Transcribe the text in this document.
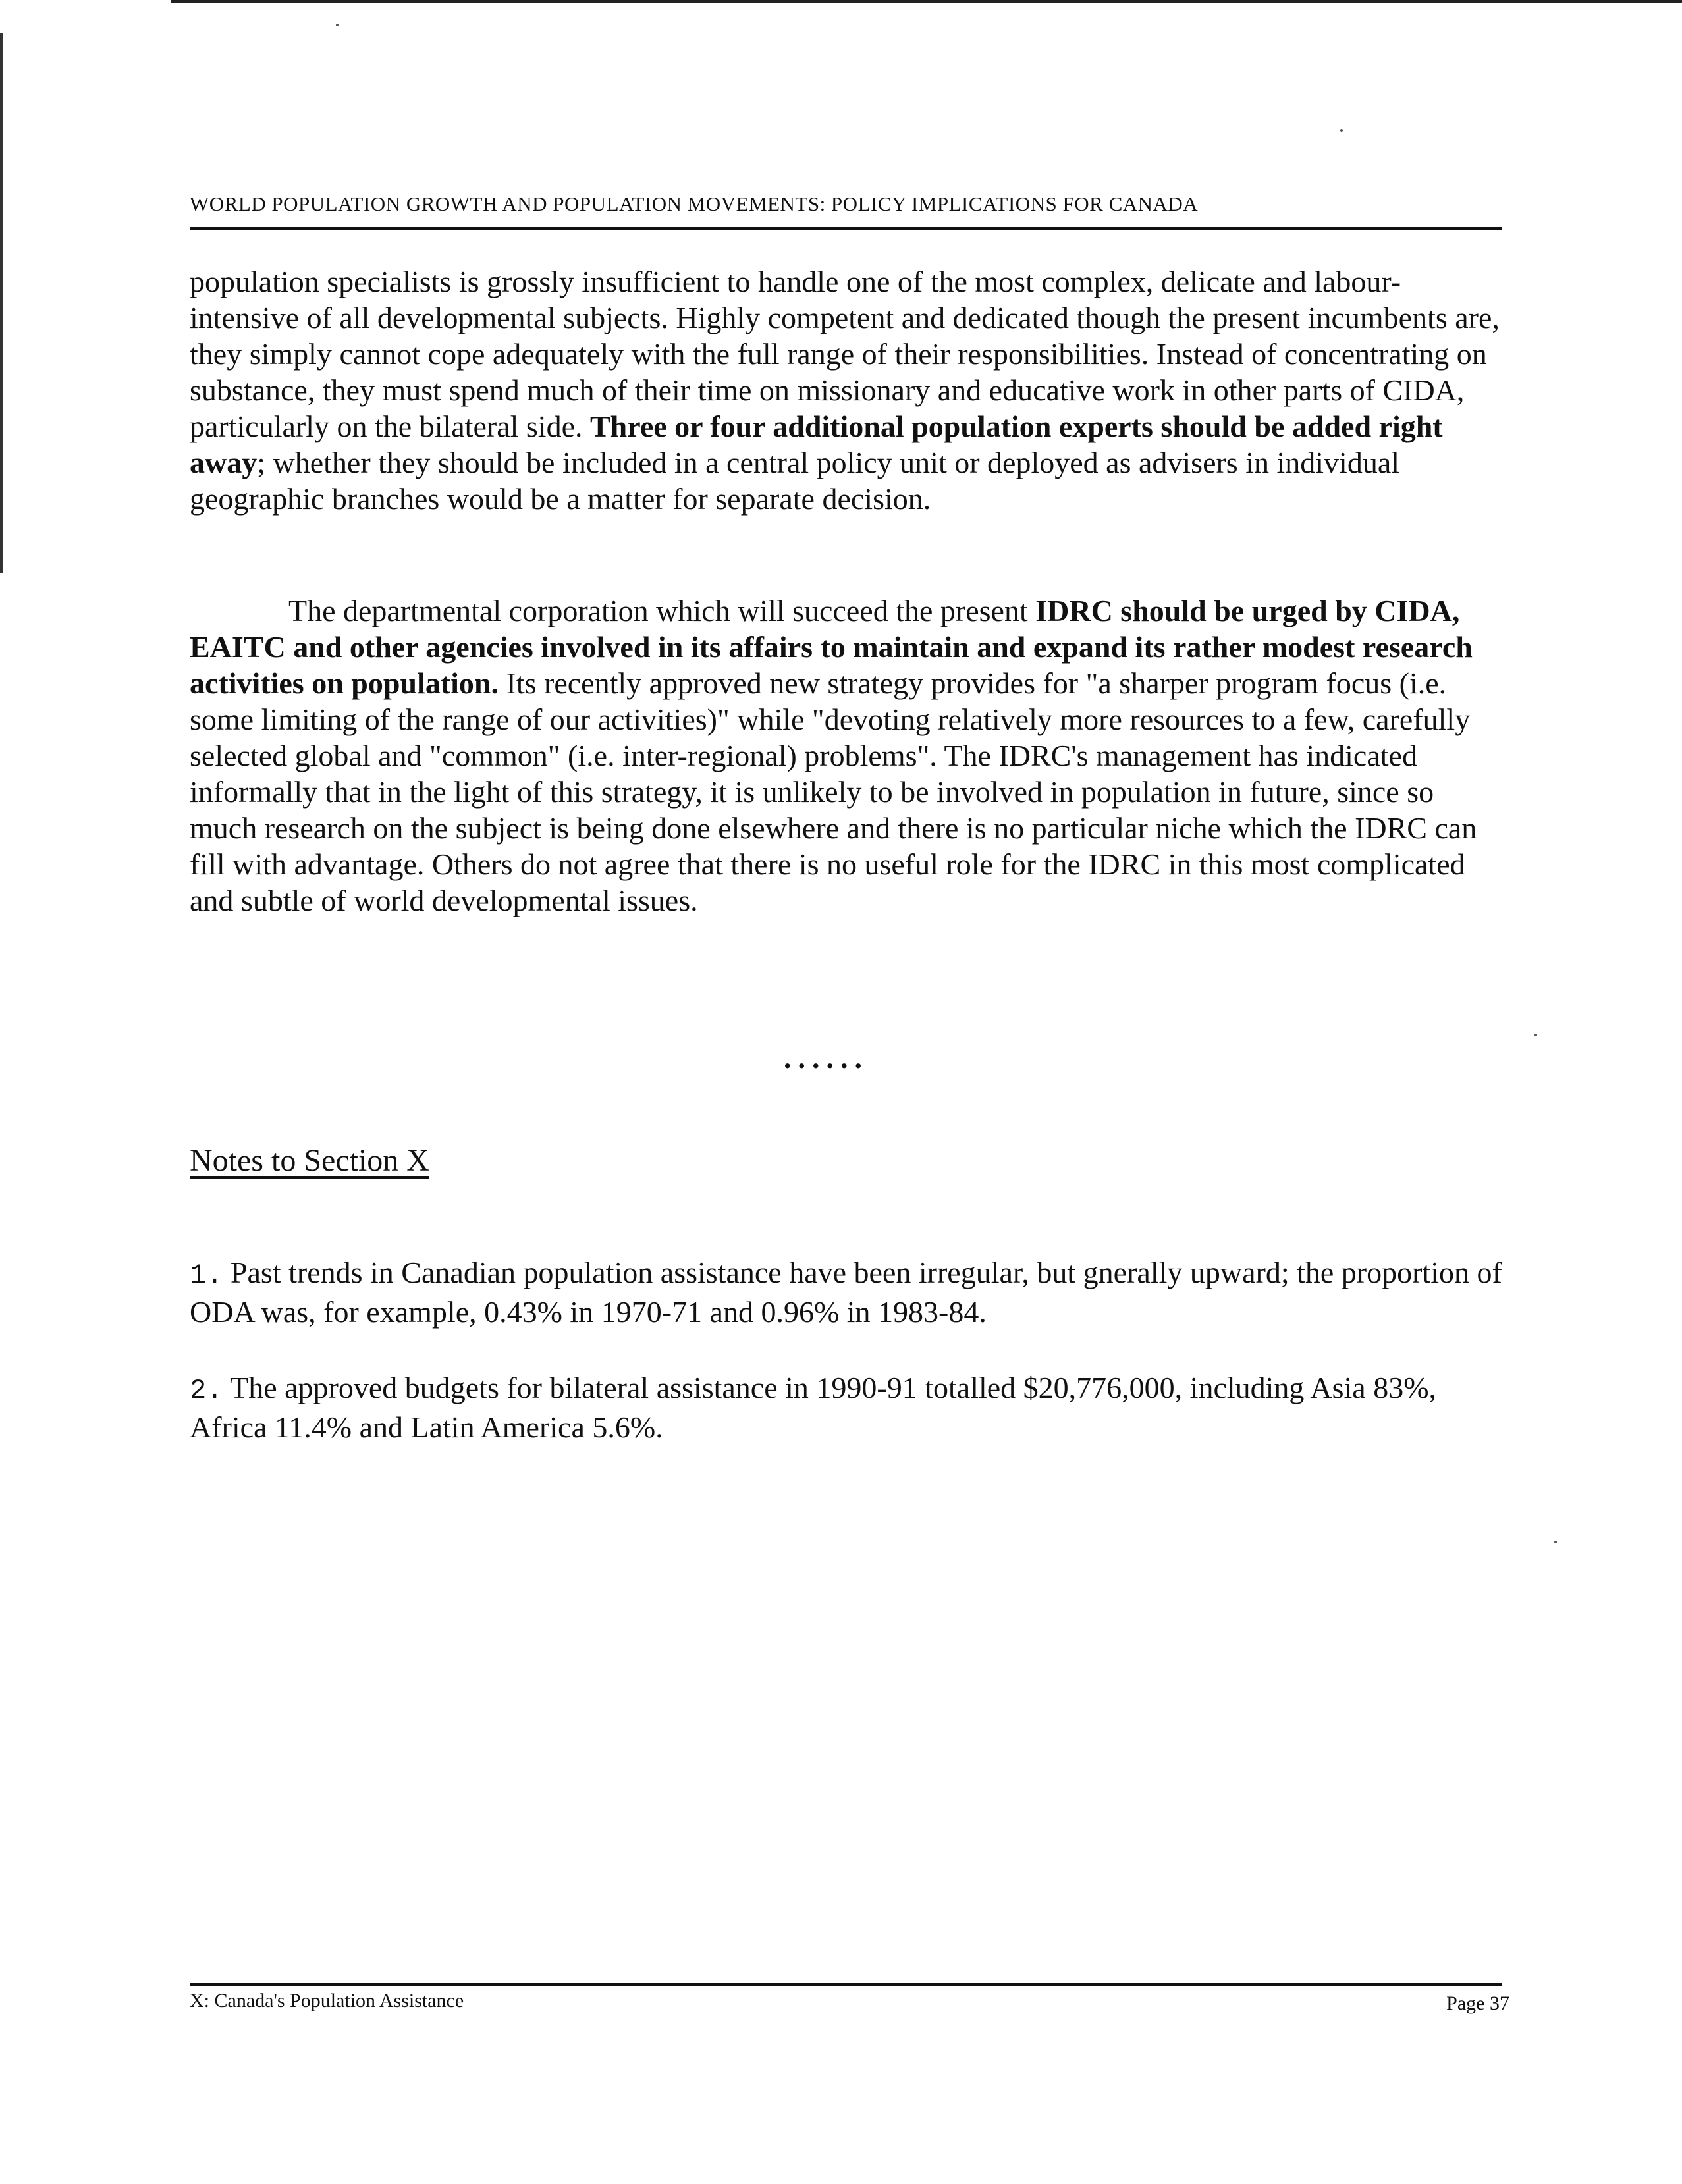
WORLD POPULATION GROWTH AND POPULATION MOVEMENTS: POLICY IMPLICATIONS FOR CANADA

population specialists is grossly insufficient to handle one of the most complex, delicate and labour-intensive of all developmental subjects. Highly competent and dedicated though the present incumbents are, they simply cannot cope adequately with the full range of their responsibilities. Instead of concentrating on substance, they must spend much of their time on missionary and educative work in other parts of CIDA, particularly on the bilateral side. Three or four additional population experts should be added right away; whether they should be included in a central policy unit or deployed as advisers in individual geographic branches would be a matter for separate decision.

The departmental corporation which will succeed the present IDRC should be urged by CIDA, EAITC and other agencies involved in its affairs to maintain and expand its rather modest research activities on population. Its recently approved new strategy provides for "a sharper program focus (i.e. some limiting of the range of our activities)" while "devoting relatively more resources to a few, carefully selected global and "common" (i.e. inter-regional) problems". The IDRC's management has indicated informally that in the light of this strategy, it is unlikely to be involved in population in future, since so much research on the subject is being done elsewhere and there is no particular niche which the IDRC can fill with advantage. Others do not agree that there is no useful role for the IDRC in this most complicated and subtle of world developmental issues.

......
Notes to Section X
1. Past trends in Canadian population assistance have been irregular, but gnerally upward; the proportion of ODA was, for example, 0.43% in 1970-71 and 0.96% in 1983-84.
2. The approved budgets for bilateral assistance in 1990-91 totalled $20,776,000, including Asia 83%, Africa 11.4% and Latin America 5.6%.
X: Canada's Population Assistance	Page 37
